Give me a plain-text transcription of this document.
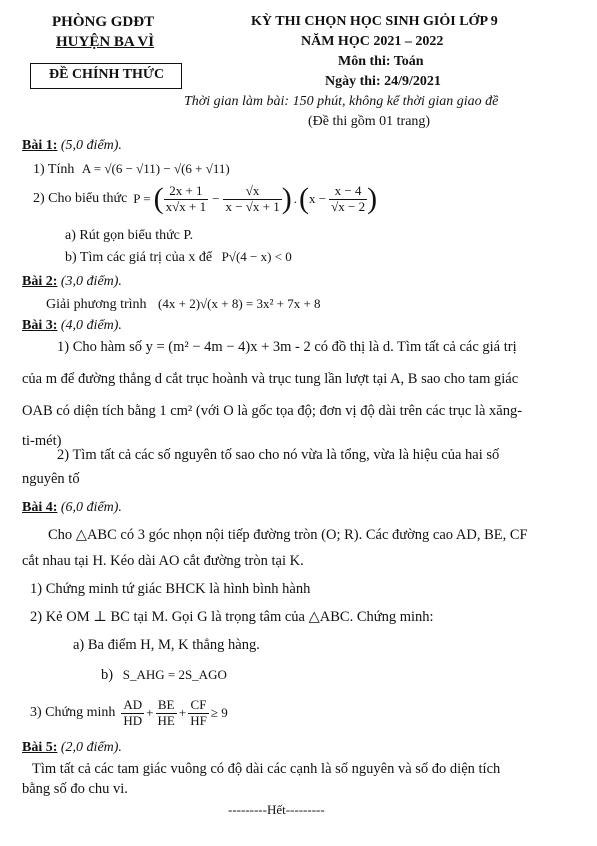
PHÒNG GDĐT
HUYỆN BA VÌ
ĐỀ CHÍNH THỨC
KỲ THI CHỌN HỌC SINH GIỎI LỚP 9
NĂM HỌC 2021 – 2022
Môn thi: Toán
Ngày thi: 24/9/2021
Thời gian làm bài: 150 phút, không kể thời gian giao đề
(Đề thi gồm 01 trang)
Bài 1: (5,0 điểm).
1) Tính A = √(6 − √11) − √(6 + √11)
2) Cho biểu thức P = ( $\frac{2x + 1}{x√x + 1} - \frac{√x}{x - √x + 1}$ ) . ( $x - \frac{x - 4}{√x - 2}$ )
a) Rút gọn biểu thức P.
b) Tìm các giá trị của x để P√(4 − x) < 0
Bài 2: (3,0 điểm).
Giải phương trình (4x + 2)√(x + 8) = 3x² + 7x + 8
Bài 3: (4,0 điểm).
1) Cho hàm số y = (m² − 4m − 4)x + 3m - 2 có đồ thị là d. Tìm tất cả các giá trị
của m để đường thẳng d cắt trục hoành và trục tung lần lượt tại A, B sao cho tam giác
OAB có diện tích bằng 1 cm² (với O là gốc tọa độ; đơn vị độ dài trên các trục là xăng-
ti-mét)
2) Tìm tất cả các số nguyên tố sao cho nó vừa là tổng, vừa là hiệu của hai số
nguyên tố
Bài 4: (6,0 điểm).
Cho △ABC có 3 góc nhọn nội tiếp đường tròn (O; R). Các đường cao AD, BE, CF
cắt nhau tại H. Kéo dài AO cắt đường tròn tại K.
1) Chứng minh tứ giác BHCK là hình bình hành
2) Kẻ OM ⊥ BC tại M. Gọi G là trọng tâm của △ABC. Chứng minh:
a) Ba điểm H, M, K thẳng hàng.
b) S_AHG = 2S_AGO
3) Chứng minh $\frac{AD}{HD} + \frac{BE}{HE} + \frac{CF}{HF} \ge 9$
Bài 5: (2,0 điểm).
Tìm tất cả các tam giác vuông có độ dài các cạnh là số nguyên và số đo diện tích
bằng số đo chu vi.
---------Hết---------
